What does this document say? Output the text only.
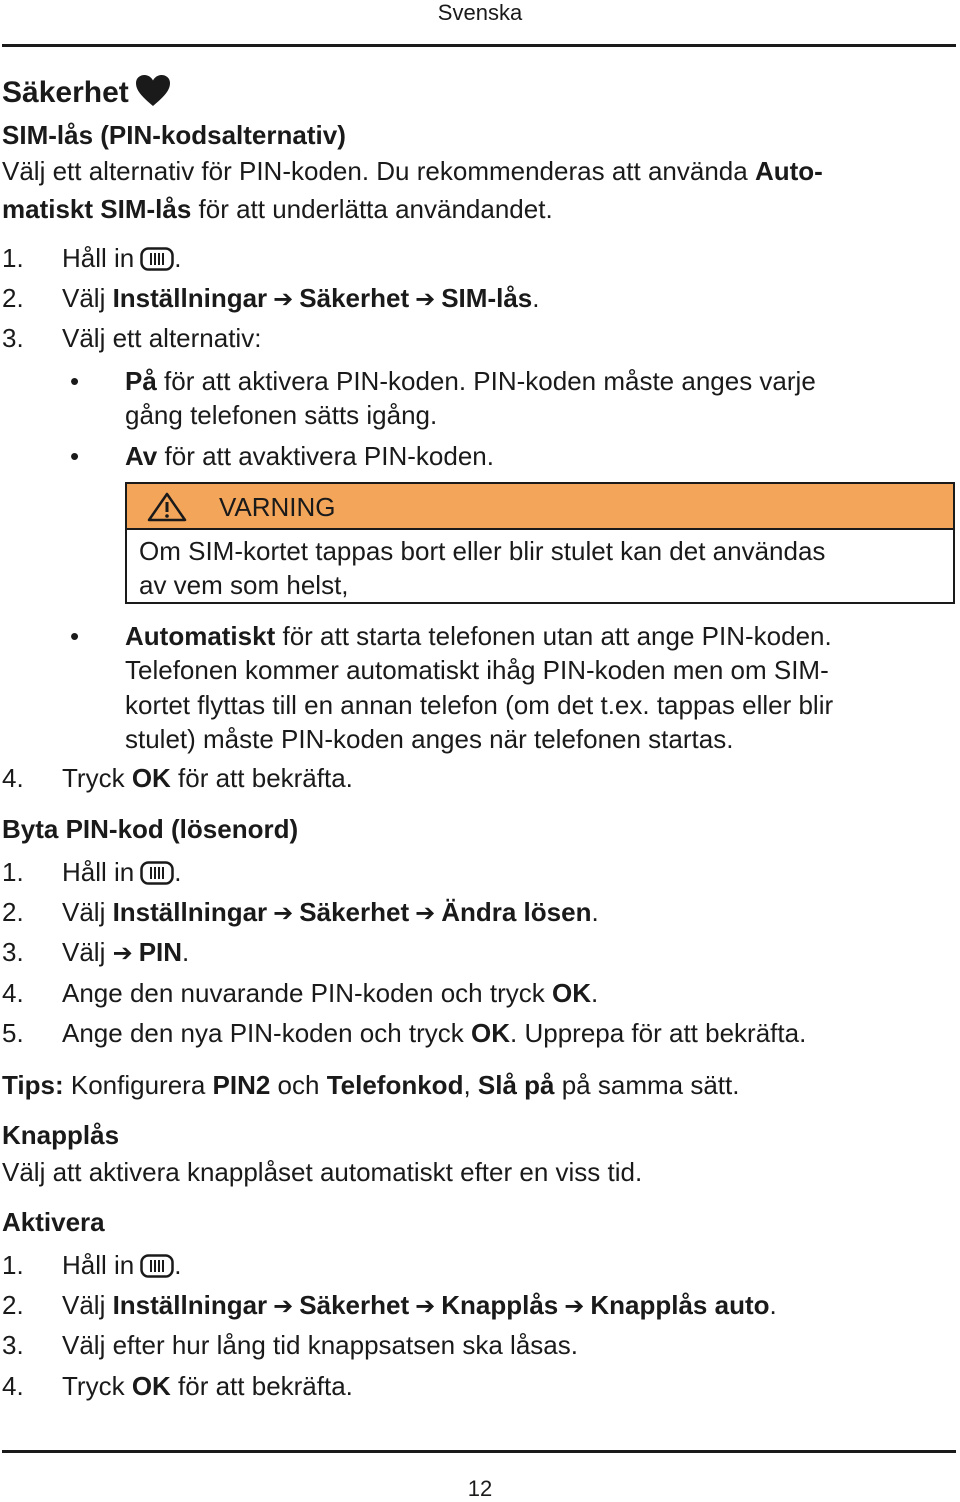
Svenska
Säkerhet
SIM-lås (PIN-kodsalternativ)
Välj ett alternativ för PIN-koden. Du rekommenderas att använda Auto-
matiskt SIM-lås för att underlätta användandet.
1. Håll in .
2. Välj Inställningar ➔ Säkerhet ➔ SIM-lås.
3. Välj ett alternativ:
• På för att aktivera PIN-koden. PIN-koden måste anges varje
gång telefonen sätts igång.
• Av för att avaktivera PIN-koden.
VARNING
Om SIM-kortet tappas bort eller blir stulet kan det användas
av vem som helst,
• Automatiskt för att starta telefonen utan att ange PIN-koden.
Telefonen kommer automatiskt ihåg PIN-koden men om SIM-
kortet flyttas till en annan telefon (om det t.ex. tappas eller blir
stulet) måste PIN-koden anges när telefonen startas.
4. Tryck OK för att bekräfta.
Byta PIN-kod (lösenord)
1. Håll in .
2. Välj Inställningar ➔ Säkerhet ➔ Ändra lösen.
3. Välj ➔ PIN.
4. Ange den nuvarande PIN-koden och tryck OK.
5. Ange den nya PIN-koden och tryck OK. Upprepa för att bekräfta.
Tips: Konfigurera PIN2 och Telefonkod, Slå på på samma sätt.
Knapplås
Välj att aktivera knapplåset automatiskt efter en viss tid.
Aktivera
1. Håll in .
2. Välj Inställningar ➔ Säkerhet ➔ Knapplås ➔ Knapplås auto.
3. Välj efter hur lång tid knappsatsen ska låsas.
4. Tryck OK för att bekräfta.
12
